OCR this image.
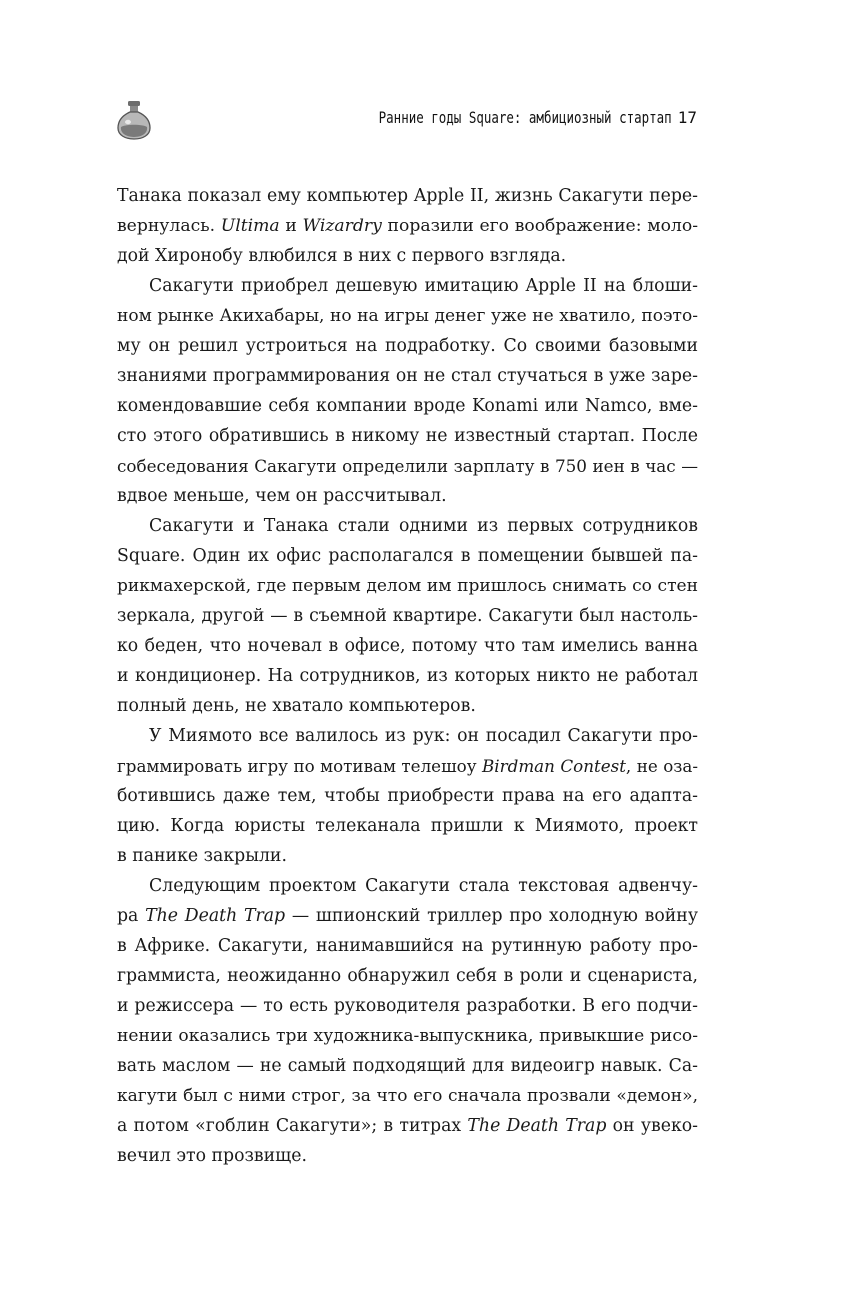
Ранние годы Square: амбициозный стартап 17
Танака показал ему компьютер Apple II, жизнь Сакагути пере-
вернулась. Ultima и Wizardry поразили его воображение: моло-
дой Хиронобу влюбился в них с первого взгляда.
Сакагути приобрел дешевую имитацию Apple II на блоши-
ном рынке Акихабары, но на игры денег уже не хватило, поэто-
му он решил устроиться на подработку. Со своими базовыми
знаниями программирования он не стал стучаться в уже заре-
комендовавшие себя компании вроде Konami или Namco, вме-
сто этого обратившись в никому не известный стартап. После
собеседования Сакагути определили зарплату в 750 иен в час —
вдвое меньше, чем он рассчитывал.
Сакагути и Танака стали одними из первых сотрудников
Square. Один их офис располагался в помещении бывшей па-
рикмахерской, где первым делом им пришлось снимать со стен
зеркала, другой — в съемной квартире. Сакагути был настоль-
ко беден, что ночевал в офисе, потому что там имелись ванна
и кондиционер. На сотрудников, из которых никто не работал
полный день, не хватало компьютеров.
У Миямото все валилось из рук: он посадил Сакагути про-
граммировать игру по мотивам телешоу Birdman Contest, не оза-
ботившись даже тем, чтобы приобрести права на его адапта-
цию. Когда юристы телеканала пришли к Миямото, проект
в панике закрыли.
Следующим проектом Сакагути стала текстовая адвенчу-
ра The Death Trap — шпионский триллер про холодную войну
в Африке. Сакагути, нанимавшийся на рутинную работу про-
граммиста, неожиданно обнаружил себя в роли и сценариста,
и режиссера — то есть руководителя разработки. В его подчи-
нении оказались три художника-выпускника, привыкшие рисо-
вать маслом — не самый подходящий для видеоигр навык. Са-
кагути был с ними строг, за что его сначала прозвали «демон»,
а потом «гоблин Сакагути»; в титрах The Death Trap он увеко-
вечил это прозвище.
